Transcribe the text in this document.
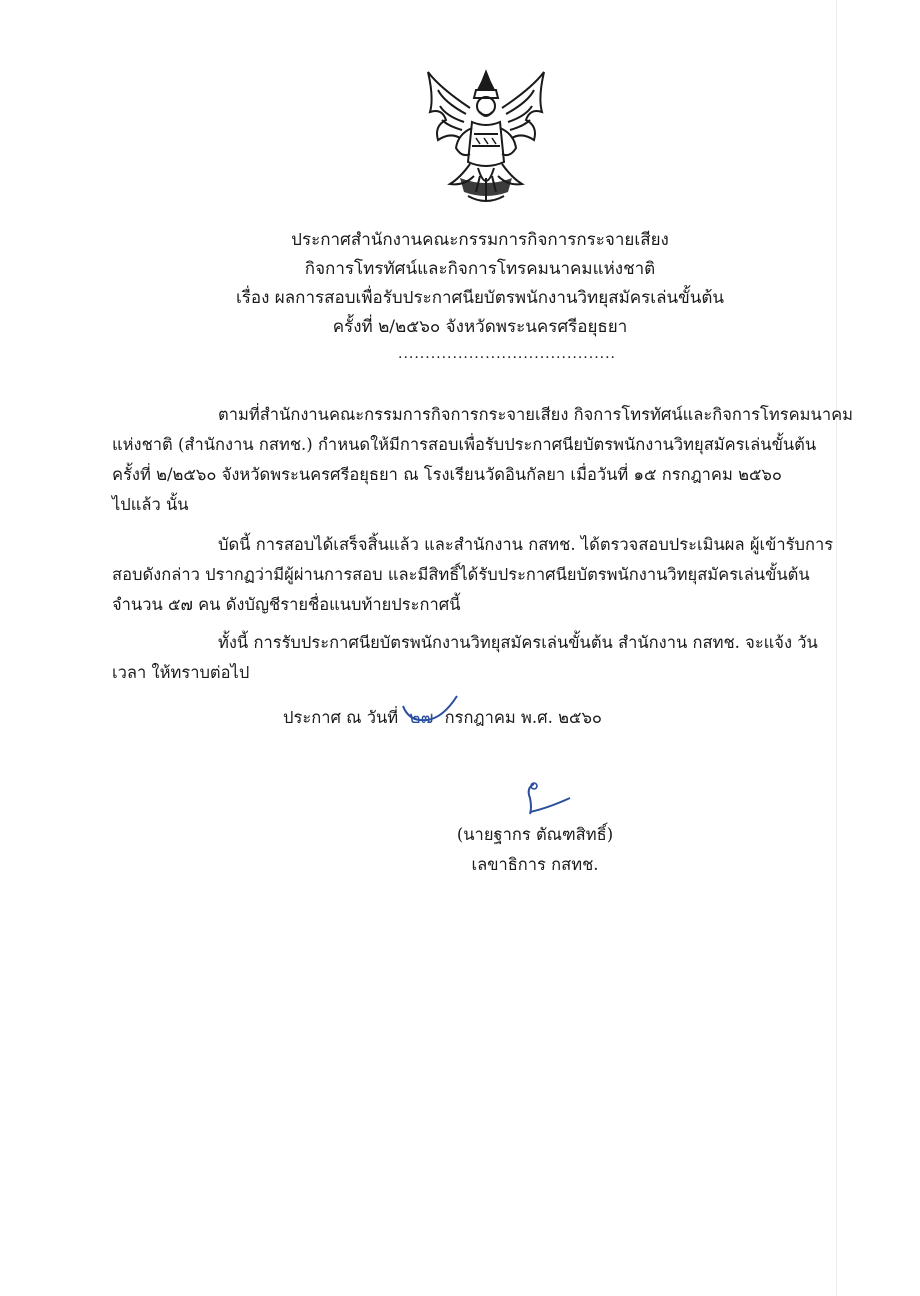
ประกาศสำนักงานคณะกรรมการกิจการกระจายเสียง
กิจการโทรทัศน์และกิจการโทรคมนาคมแห่งชาติ
เรื่อง ผลการสอบเพื่อรับประกาศนียบัตรพนักงานวิทยุสมัครเล่นขั้นต้น
ครั้งที่ ๒/๒๕๖๐ จังหวัดพระนครศรีอยุธยา
........................................
ตามที่สำนักงานคณะกรรมการกิจการกระจายเสียง กิจการโทรทัศน์และกิจการโทรคมนาคม
แห่งชาติ (สำนักงาน กสทช.) กำหนดให้มีการสอบเพื่อรับประกาศนียบัตรพนักงานวิทยุสมัครเล่นขั้นต้น
ครั้งที่ ๒/๒๕๖๐ จังหวัดพระนครศรีอยุธยา ณ โรงเรียนวัดอินกัลยา เมื่อวันที่ ๑๕ กรกฎาคม ๒๕๖๐
ไปแล้ว นั้น
บัดนี้ การสอบได้เสร็จสิ้นแล้ว และสำนักงาน กสทช. ได้ตรวจสอบประเมินผล ผู้เข้ารับการ
สอบดังกล่าว ปรากฏว่ามีผู้ผ่านการสอบ และมีสิทธิ์ได้รับประกาศนียบัตรพนักงานวิทยุสมัครเล่นขั้นต้น
จำนวน ๕๗ คน ดังบัญชีรายชื่อแนบท้ายประกาศนี้
ทั้งนี้ การรับประกาศนียบัตรพนักงานวิทยุสมัครเล่นขั้นต้น สำนักงาน กสทช. จะแจ้ง วัน
เวลา ให้ทราบต่อไป
ประกาศ ณ วันที่ ๒๗ กรกฎาคม พ.ศ. ๒๕๖๐
(นายฐากร ตัณฑสิทธิ์)
เลขาธิการ กสทช.
